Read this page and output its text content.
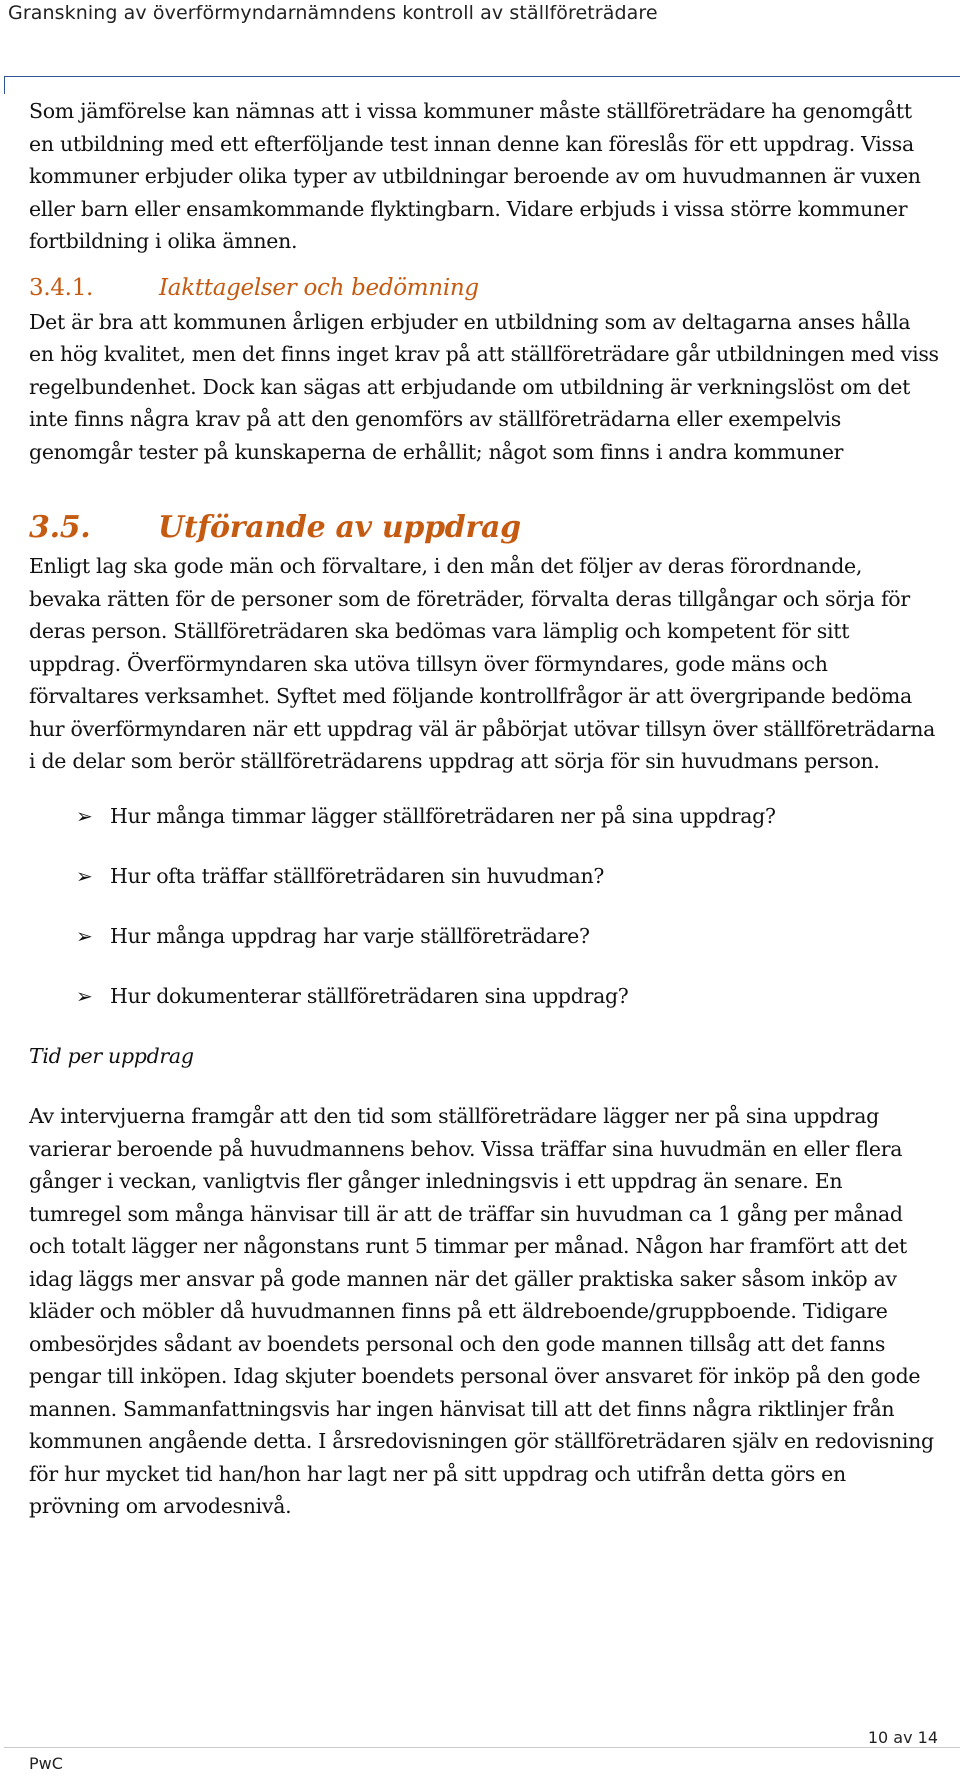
Granskning av överförmyndarnämndens kontroll av ställföreträdare

Som jämförelse kan nämnas att i vissa kommuner måste ställföreträdare ha genomgått en utbildning med ett efterföljande test innan denne kan föreslås för ett uppdrag. Vissa kommuner erbjuder olika typer av utbildningar beroende av om huvudmannen är vuxen eller barn eller ensamkommande flyktingbarn. Vidare erbjuds i vissa större kommuner fortbildning i olika ämnen.

3.4.1.	Iakttagelser och bedömning

Det är bra att kommunen årligen erbjuder en utbildning som av deltagarna anses hålla en hög kvalitet, men det finns inget krav på att ställföreträdare går utbildningen med viss regelbundenhet. Dock kan sägas att erbjudande om utbildning är verkningslöst om det inte finns några krav på att den genomförs av ställföreträdarna eller exempelvis genomgår tester på kunskaperna de erhållit; något som finns i andra kommuner

3.5.	Utförande av uppdrag

Enligt lag ska gode män och förvaltare, i den mån det följer av deras förordnande, bevaka rätten för de personer som de företräder, förvalta deras tillgångar och sörja för deras person. Ställföreträdaren ska bedömas vara lämplig och kompetent för sitt uppdrag. Överförmyndaren ska utöva tillsyn över förmyndares, gode mäns och förvaltares verksamhet. Syftet med följande kontrollfrågor är att övergripande bedöma hur överförmyndaren när ett uppdrag väl är påbörjat utövar tillsyn över ställföreträdarna i de delar som berör ställföreträdarens uppdrag att sörja för sin huvudmans person.

➢ Hur många timmar lägger ställföreträdaren ner på sina uppdrag?
➢ Hur ofta träffar ställföreträdaren sin huvudman?
➢ Hur många uppdrag har varje ställföreträdare?
➢ Hur dokumenterar ställföreträdaren sina uppdrag?

Tid per uppdrag

Av intervjuerna framgår att den tid som ställföreträdare lägger ner på sina uppdrag varierar beroende på huvudmannens behov. Vissa träffar sina huvudmän en eller flera gånger i veckan, vanligtvis fler gånger inledningsvis i ett uppdrag än senare. En tumregel som många hänvisar till är att de träffar sin huvudman ca 1 gång per månad och totalt lägger ner någonstans runt 5 timmar per månad. Någon har framfört att det idag läggs mer ansvar på gode mannen när det gäller praktiska saker såsom inköp av kläder och möbler då huvudmannen finns på ett äldreboende/gruppboende. Tidigare ombesörjdes sådant av boendets personal och den gode mannen tillsåg att det fanns pengar till inköpen. Idag skjuter boendets personal över ansvaret för inköp på den gode mannen. Sammanfattningsvis har ingen hänvisat till att det finns några riktlinjer från kommunen angående detta. I årsredovisningen gör ställföreträdaren själv en redovisning för hur mycket tid han/hon har lagt ner på sitt uppdrag och utifrån detta görs en prövning om arvodesnivå.

10 av 14
PwC
